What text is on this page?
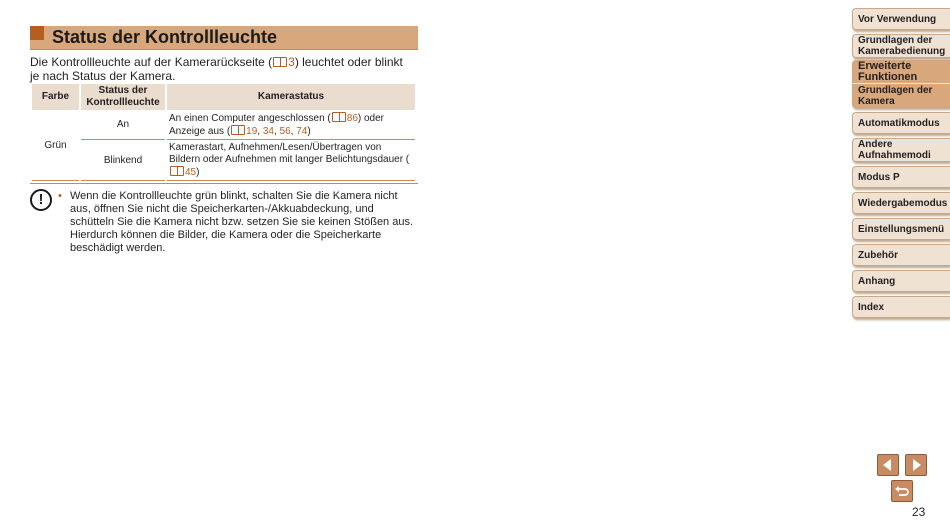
Status der Kontrollleuchte
Die Kontrollleuchte auf der Kamerarückseite ( 3) leuchtet oder blinkt
je nach Status der Kamera.
Farbe	Status der Kontrollleuchte	Kamerastatus
Grün	An	An einen Computer angeschlossen ( 86) oder Anzeige aus ( 19, 34, 56, 74)
	Blinkend	Kamerastart, Aufnehmen/Lesen/Übertragen von Bildern oder Aufnehmen mit langer Belichtungsdauer (45)
!	• Wenn die Kontrollleuchte grün blinkt, schalten Sie die Kamera nicht aus, öffnen Sie nicht die Speicherkarten-/Akkuabdeckung, und schütteln Sie die Kamera nicht bzw. setzen Sie sie keinen Stößen aus. Hierdurch können die Bilder, die Kamera oder die Speicherkarte beschädigt werden.
Vor Verwendung
Grundlagen der Kamerabedienung
Erweiterte Funktionen
Grundlagen der Kamera
Automatikmodus
Andere Aufnahmemodi
Modus P
Wiedergabemodus
Einstellungsmenü
Zubehör
Anhang
Index
23
